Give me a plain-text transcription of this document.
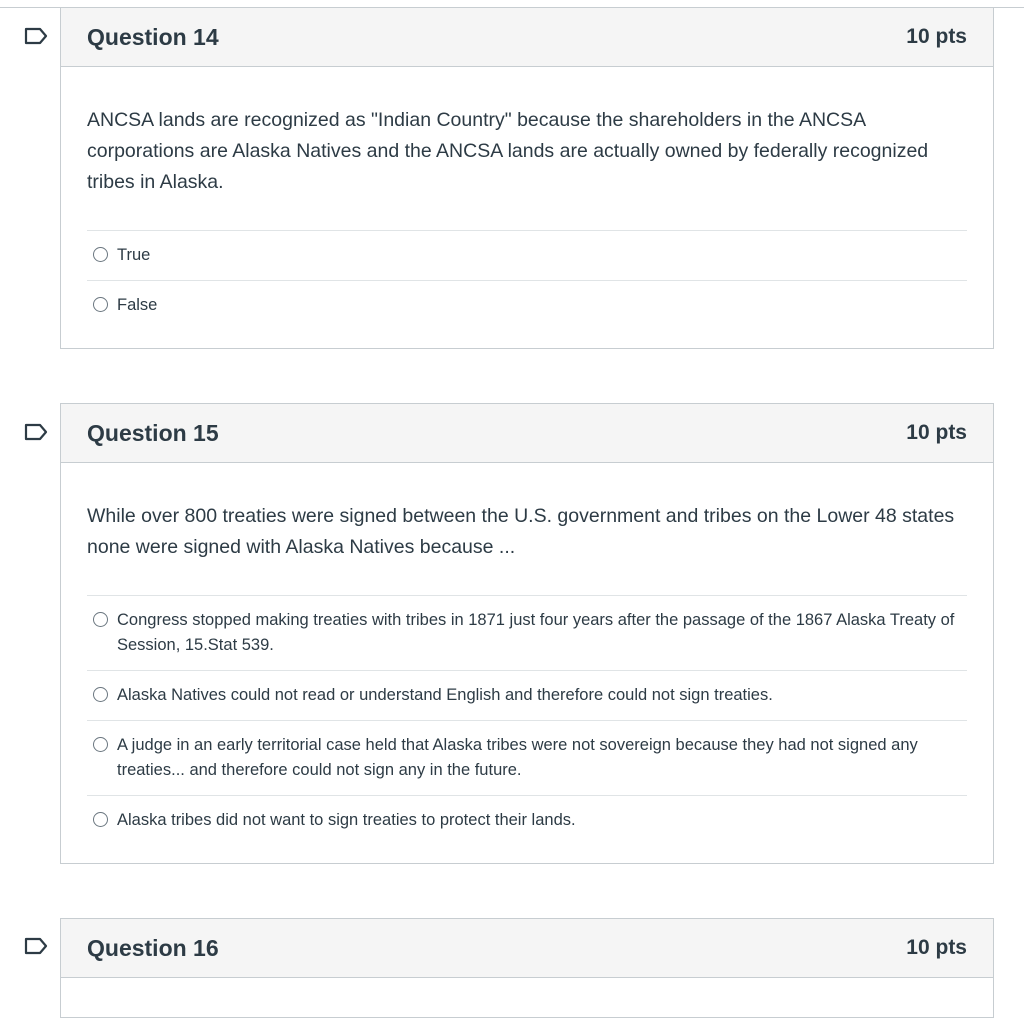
Question 14	10 pts
ANCSA lands are recognized as "Indian Country" because the shareholders in the ANCSA corporations are Alaska Natives and the ANCSA lands are actually owned by federally recognized tribes in Alaska.
True
False
Question 15	10 pts
While over 800 treaties were signed between the U.S. government and tribes on the Lower 48 states none were signed with Alaska Natives because ...
Congress stopped making treaties with tribes in 1871 just four years after the passage of the 1867 Alaska Treaty of Session, 15.Stat 539.
Alaska Natives could not read or understand English and therefore could not sign treaties.
A judge in an early territorial case held that Alaska tribes were not sovereign because they had not signed any treaties... and therefore could not sign any in the future.
Alaska tribes did not want to sign treaties to protect their lands.
Question 16	10 pts
